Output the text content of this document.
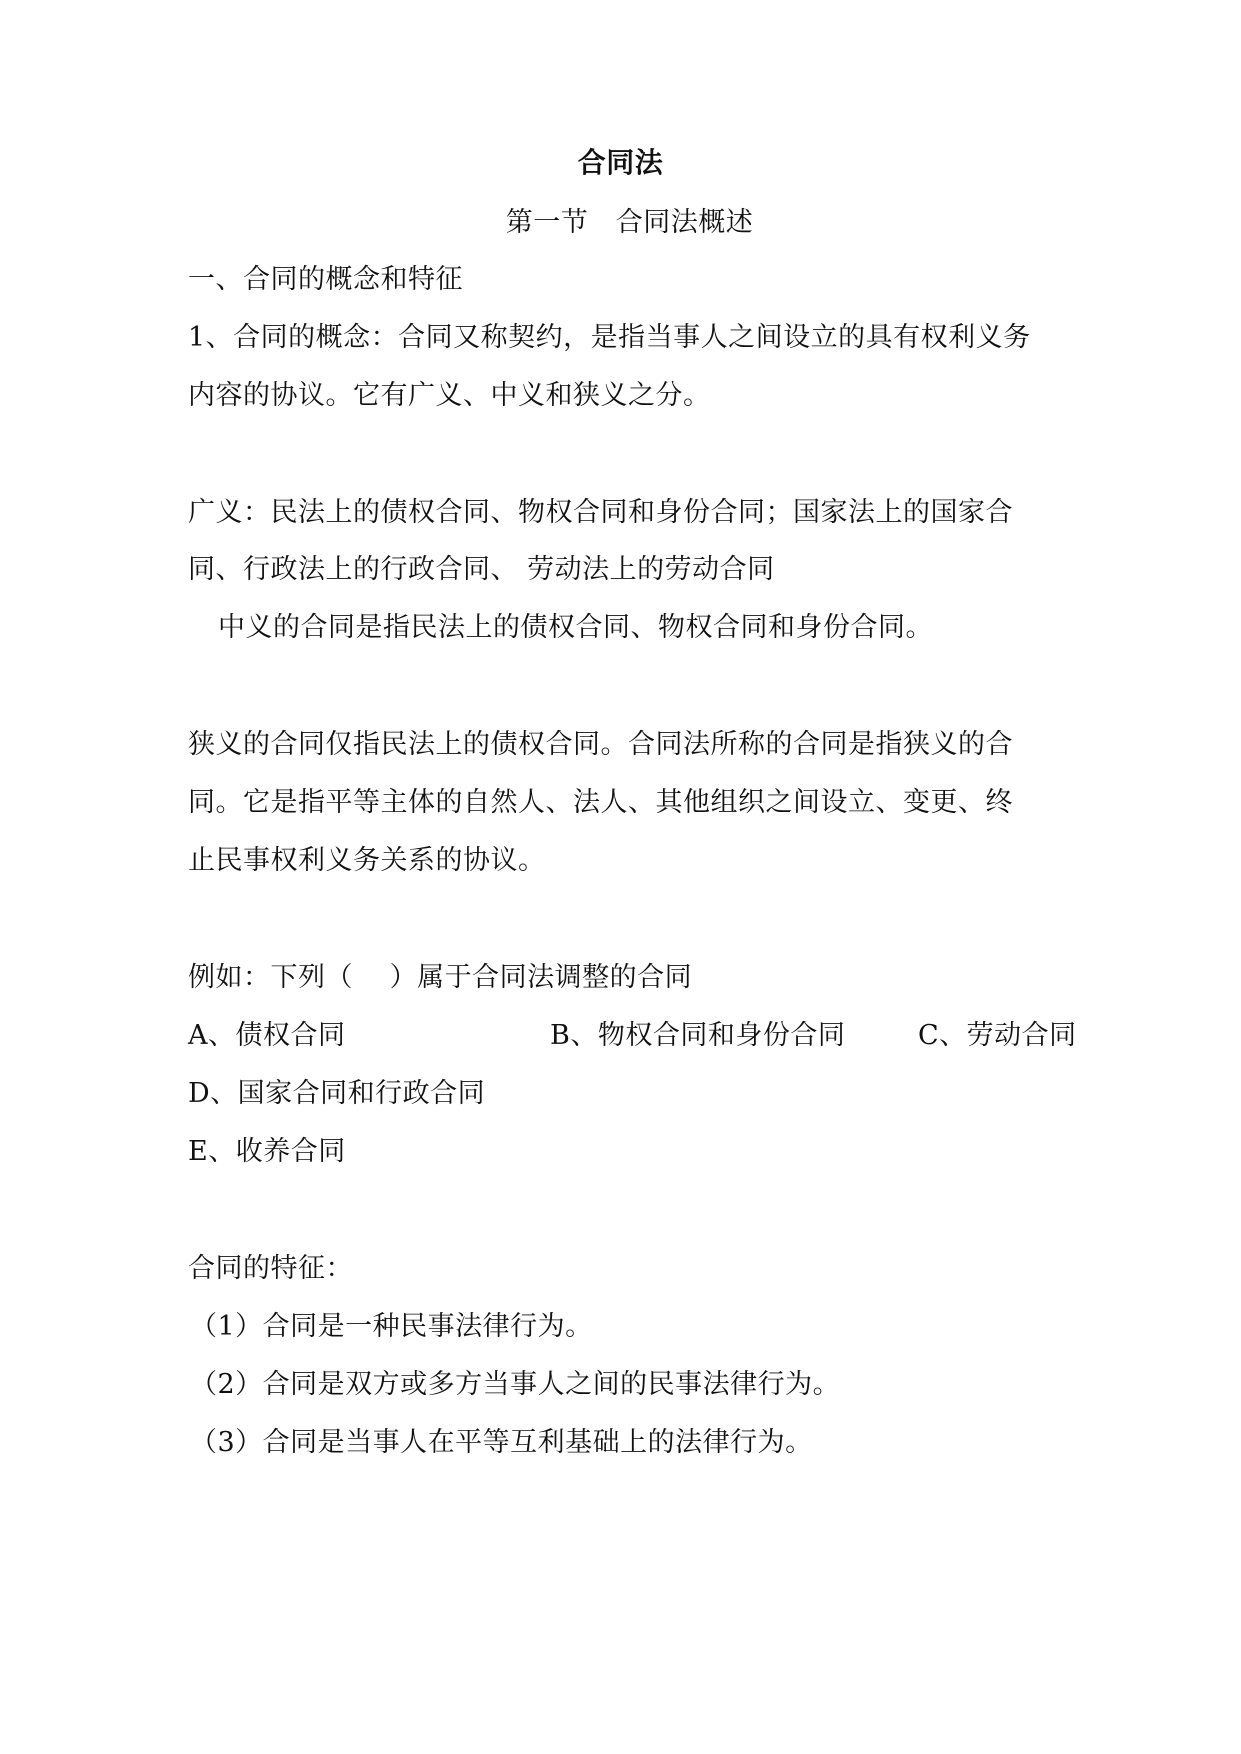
合同法
第一节　合同法概述
一、合同的概念和特征
1、合同的概念：合同又称契约，是指当事人之间设立的具有权利义务
内容的协议。它有广义、中义和狭义之分。
广义：民法上的债权合同、物权合同和身份合同；国家法上的国家合
同、行政法上的行政合同、 劳动法上的劳动合同
中义的合同是指民法上的债权合同、物权合同和身份合同。
狭义的合同仅指民法上的债权合同。合同法所称的合同是指狭义的合
同。它是指平等主体的自然人、法人、其他组织之间设立、变更、终
止民事权利义务关系的协议。
例如：下列（　 ）属于合同法调整的合同
A、债权合同	B、物权合同和身份合同	C、劳动合同
D、国家合同和行政合同
E、收养合同
合同的特征：
（1）合同是一种民事法律行为。
（2）合同是双方或多方当事人之间的民事法律行为。
（3）合同是当事人在平等互利基础上的法律行为。
